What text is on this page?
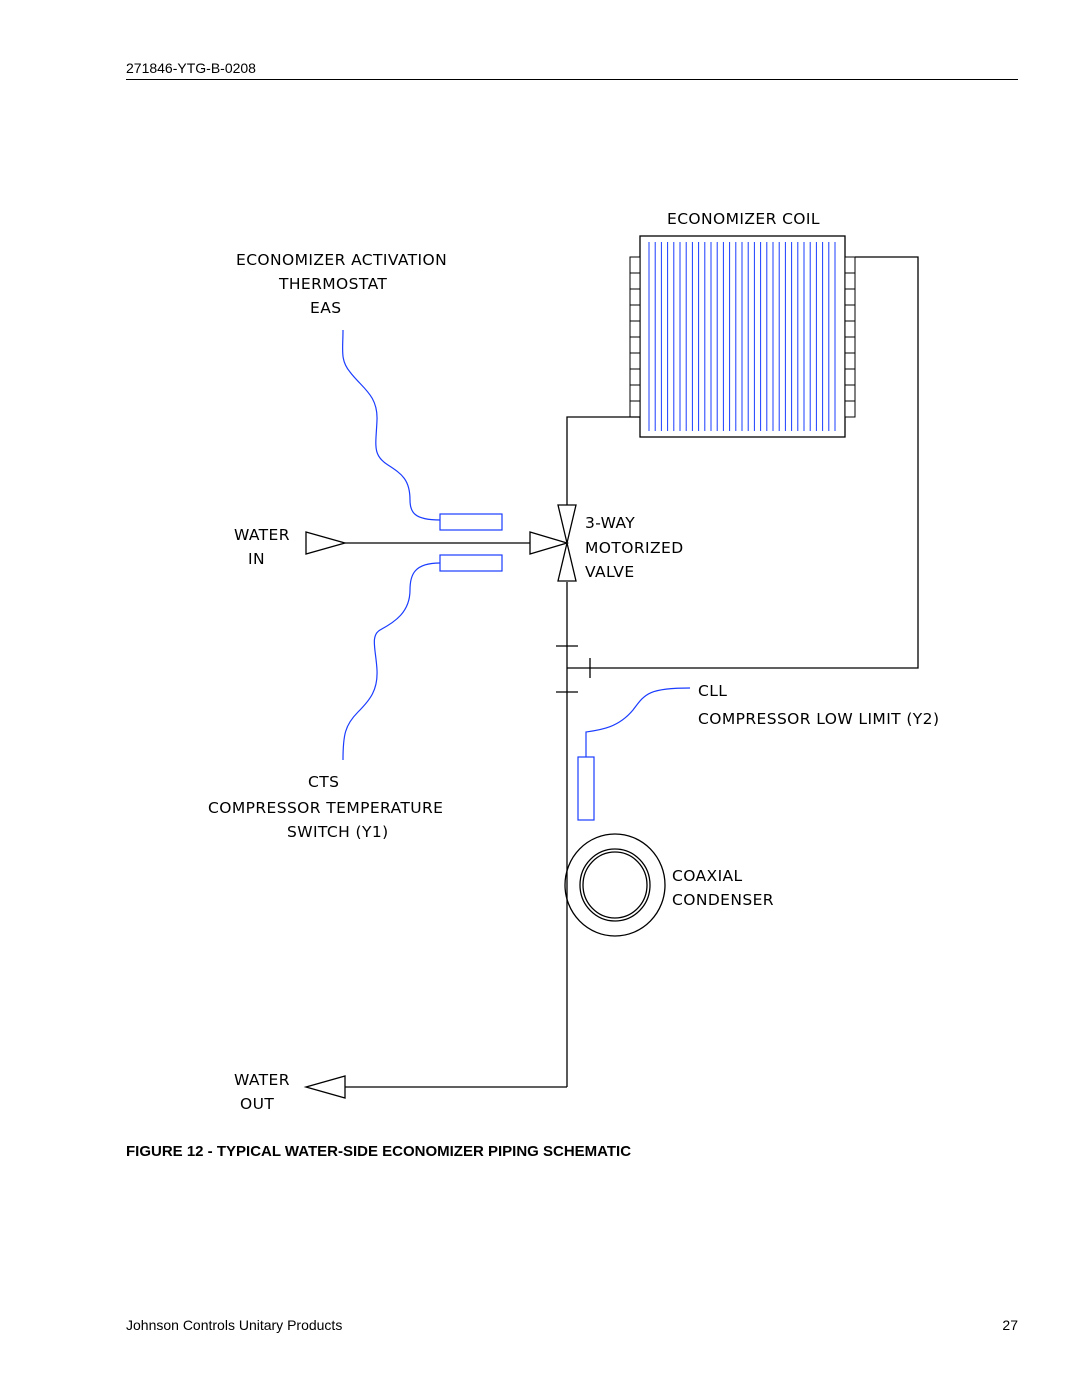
271846-YTG-B-0208
ECONOMIZER COIL
ECONOMIZER ACTIVATION
THERMOSTAT
EAS
WATER
IN
3-WAY
MOTORIZED
VALVE
CLL
COMPRESSOR LOW LIMIT (Y2)
CTS
COMPRESSOR TEMPERATURE
SWITCH (Y1)
COAXIAL
CONDENSER
WATER
OUT
FIGURE 12 - TYPICAL WATER-SIDE ECONOMIZER PIPING SCHEMATIC
Johnson Controls Unitary Products	27
